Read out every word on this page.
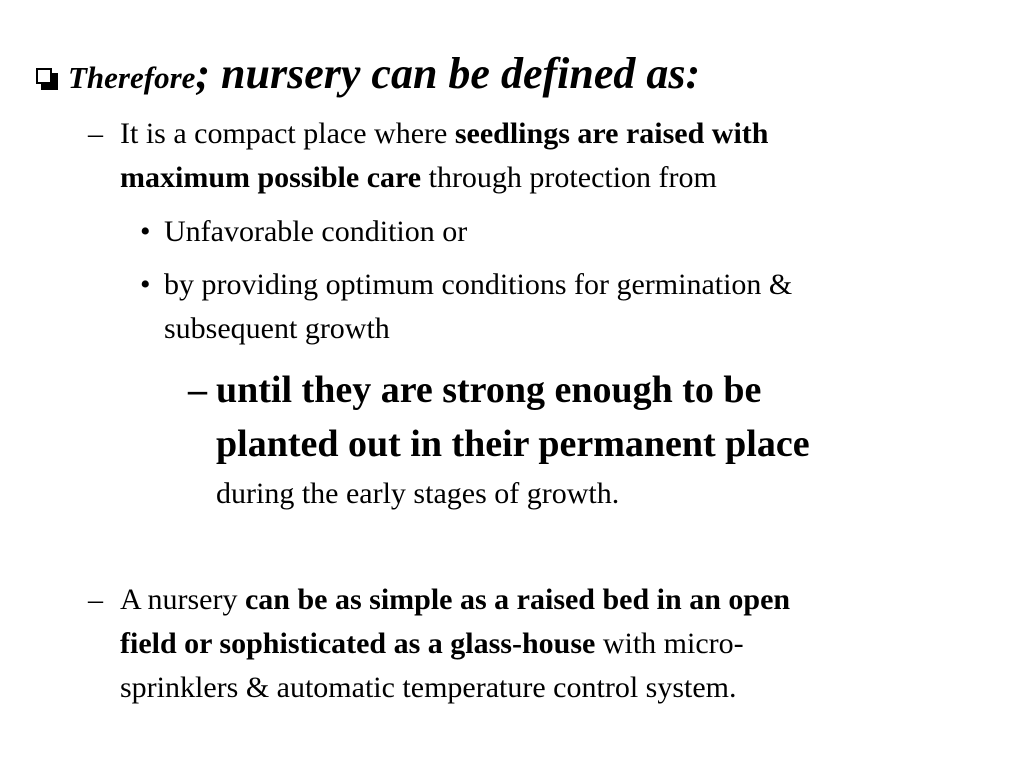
Therefore; nursery can be defined as:
– It is a compact place where seedlings are raised with
maximum possible care through protection from
• Unfavorable condition or
• by providing optimum conditions for germination &
subsequent growth
– until they are strong enough to be
planted out in their permanent place
during the early stages of growth.
– A nursery can be as simple as a raised bed in an open
field or sophisticated as a glass-house with micro-
sprinklers & automatic temperature control system.
